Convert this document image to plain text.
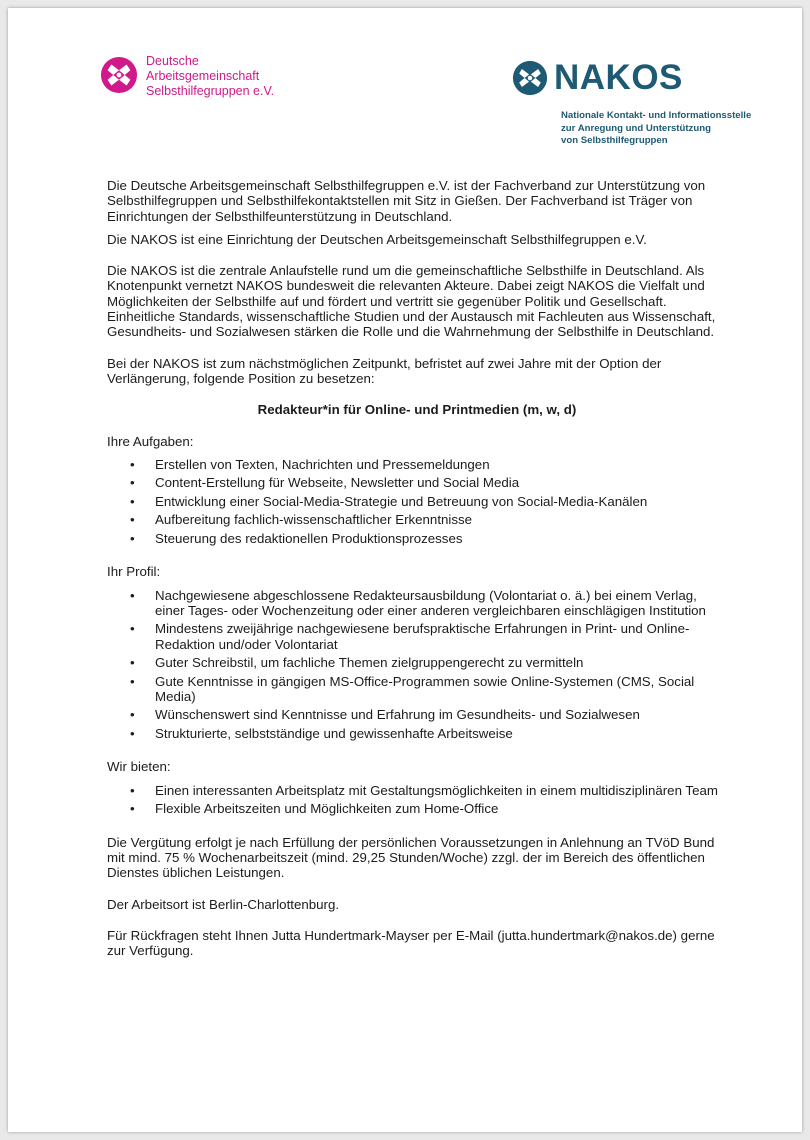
Deutsche
Arbeitsgemeinschaft
Selbsthilfegruppen e.V.	NAKOS
Nationale Kontakt- und Informationsstelle
zur Anregung und Unterstützung
von Selbsthilfegruppen

Die Deutsche Arbeitsgemeinschaft Selbsthilfegruppen e.V. ist der Fachverband zur Unterstützung von Selbsthilfegruppen und Selbsthilfekontaktstellen mit Sitz in Gießen. Der Fachverband ist Träger von Einrichtungen der Selbsthilfeunterstützung in Deutschland.

Die NAKOS ist eine Einrichtung der Deutschen Arbeitsgemeinschaft Selbsthilfegruppen e.V.

Die NAKOS ist die zentrale Anlaufstelle rund um die gemeinschaftliche Selbsthilfe in Deutschland. Als Knotenpunkt vernetzt NAKOS bundesweit die relevanten Akteure. Dabei zeigt NAKOS die Vielfalt und Möglichkeiten der Selbsthilfe auf und fördert und vertritt sie gegenüber Politik und Gesellschaft. Einheitliche Standards, wissenschaftliche Studien und der Austausch mit Fachleuten aus Wissenschaft, Gesundheits- und Sozialwesen stärken die Rolle und die Wahrnehmung der Selbsthilfe in Deutschland.

Bei der NAKOS ist zum nächstmöglichen Zeitpunkt, befristet auf zwei Jahre mit der Option der Verlängerung, folgende Position zu besetzen:

Redakteur*in für Online- und Printmedien (m, w, d)

Ihre Aufgaben:

• Erstellen von Texten, Nachrichten und Pressemeldungen
• Content-Erstellung für Webseite, Newsletter und Social Media
• Entwicklung einer Social-Media-Strategie und Betreuung von Social-Media-Kanälen
• Aufbereitung fachlich-wissenschaftlicher Erkenntnisse
• Steuerung des redaktionellen Produktionsprozesses

Ihr Profil:

• Nachgewiesene abgeschlossene Redakteursausbildung (Volontariat o. ä.) bei einem Verlag, einer Tages- oder Wochenzeitung oder einer anderen vergleichbaren einschlägigen Institution
• Mindestens zweijährige nachgewiesene berufspraktische Erfahrungen in Print- und Online-Redaktion und/oder Volontariat
• Guter Schreibstil, um fachliche Themen zielgruppengerecht zu vermitteln
• Gute Kenntnisse in gängigen MS-Office-Programmen sowie Online-Systemen (CMS, Social Media)
• Wünschenswert sind Kenntnisse und Erfahrung im Gesundheits- und Sozialwesen
• Strukturierte, selbstständige und gewissenhafte Arbeitsweise

Wir bieten:

• Einen interessanten Arbeitsplatz mit Gestaltungsmöglichkeiten in einem multidisziplinären Team
• Flexible Arbeitszeiten und Möglichkeiten zum Home-Office

Die Vergütung erfolgt je nach Erfüllung der persönlichen Voraussetzungen in Anlehnung an TVöD Bund mit mind. 75 % Wochenarbeitszeit (mind. 29,25 Stunden/Woche) zzgl. der im Bereich des öffentlichen Dienstes üblichen Leistungen.

Der Arbeitsort ist Berlin-Charlottenburg.

Für Rückfragen steht Ihnen Jutta Hundertmark-Mayser per E-Mail (jutta.hundertmark@nakos.de) gerne zur Verfügung.
